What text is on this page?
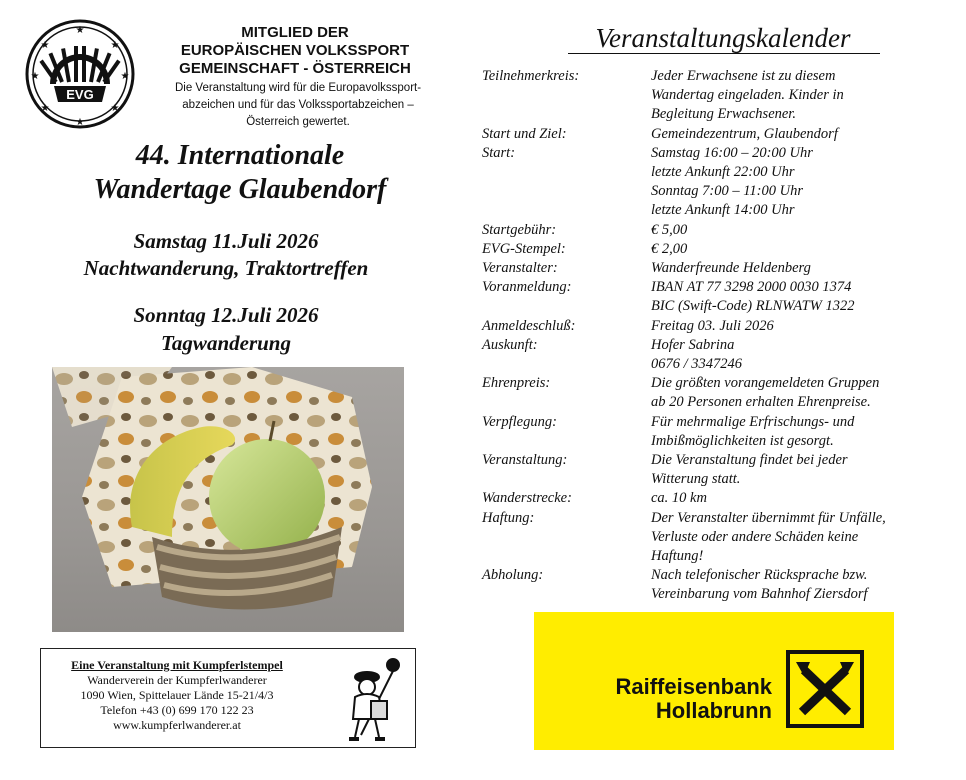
EVG
★
★	★
★	★
★	★
★
MITGLIED DER
EUROPÄISCHEN VOLKSSPORT
GEMEINSCHAFT - ÖSTERREICH
Die Veranstaltung wird für die Europavolkssport-abzeichen und für das Volkssportabzeichen – Österreich gewertet.
44. Internationale
Wandertage Glaubendorf
Samstag 11.Juli 2026
Nachtwanderung, Traktortreffen
Sonntag 12.Juli 2026
Tagwanderung
Eine Veranstaltung mit Kumpferlstempel
Wanderverein der Kumpferlwanderer
1090 Wien, Spittelauer Lände 15-21/4/3
Telefon +43 (0) 699 170 122 23
www.kumpferlwanderer.at
Veranstaltungskalender
Teilnehmerkreis:	Jeder Erwachsene ist zu diesem
Wandertag eingeladen. Kinder in
Begleitung Erwachsener.
Start und Ziel:	Gemeindezentrum, Glaubendorf
Start:	Samstag 16:00 – 20:00 Uhr
letzte Ankunft 22:00 Uhr
Sonntag 7:00 – 11:00 Uhr
letzte Ankunft 14:00 Uhr
Startgebühr:	€ 5,00
EVG-Stempel:	€ 2,00
Veranstalter:	Wanderfreunde Heldenberg
Voranmeldung:	IBAN AT 77 3298 2000 0030 1374
BIC (Swift-Code) RLNWATW 1322
Anmeldeschluß:	Freitag 03. Juli 2026
Auskunft:	Hofer Sabrina
0676 / 3347246
Ehrenpreis:	Die größten vorangemeldeten Gruppen
ab 20 Personen erhalten Ehrenpreise.
Verpflegung:	Für mehrmalige Erfrischungs- und
Imbißmöglichkeiten ist gesorgt.
Veranstaltung:	Die Veranstaltung findet bei jeder
Witterung statt.
Wanderstrecke:	ca. 10 km
Haftung:	Der Veranstalter übernimmt für Unfälle,
Verluste oder andere Schäden keine
Haftung!
Abholung:	Nach telefonischer Rücksprache bzw.
Vereinbarung vom Bahnhof Ziersdorf
Raiffeisenbank
Hollabrunn
